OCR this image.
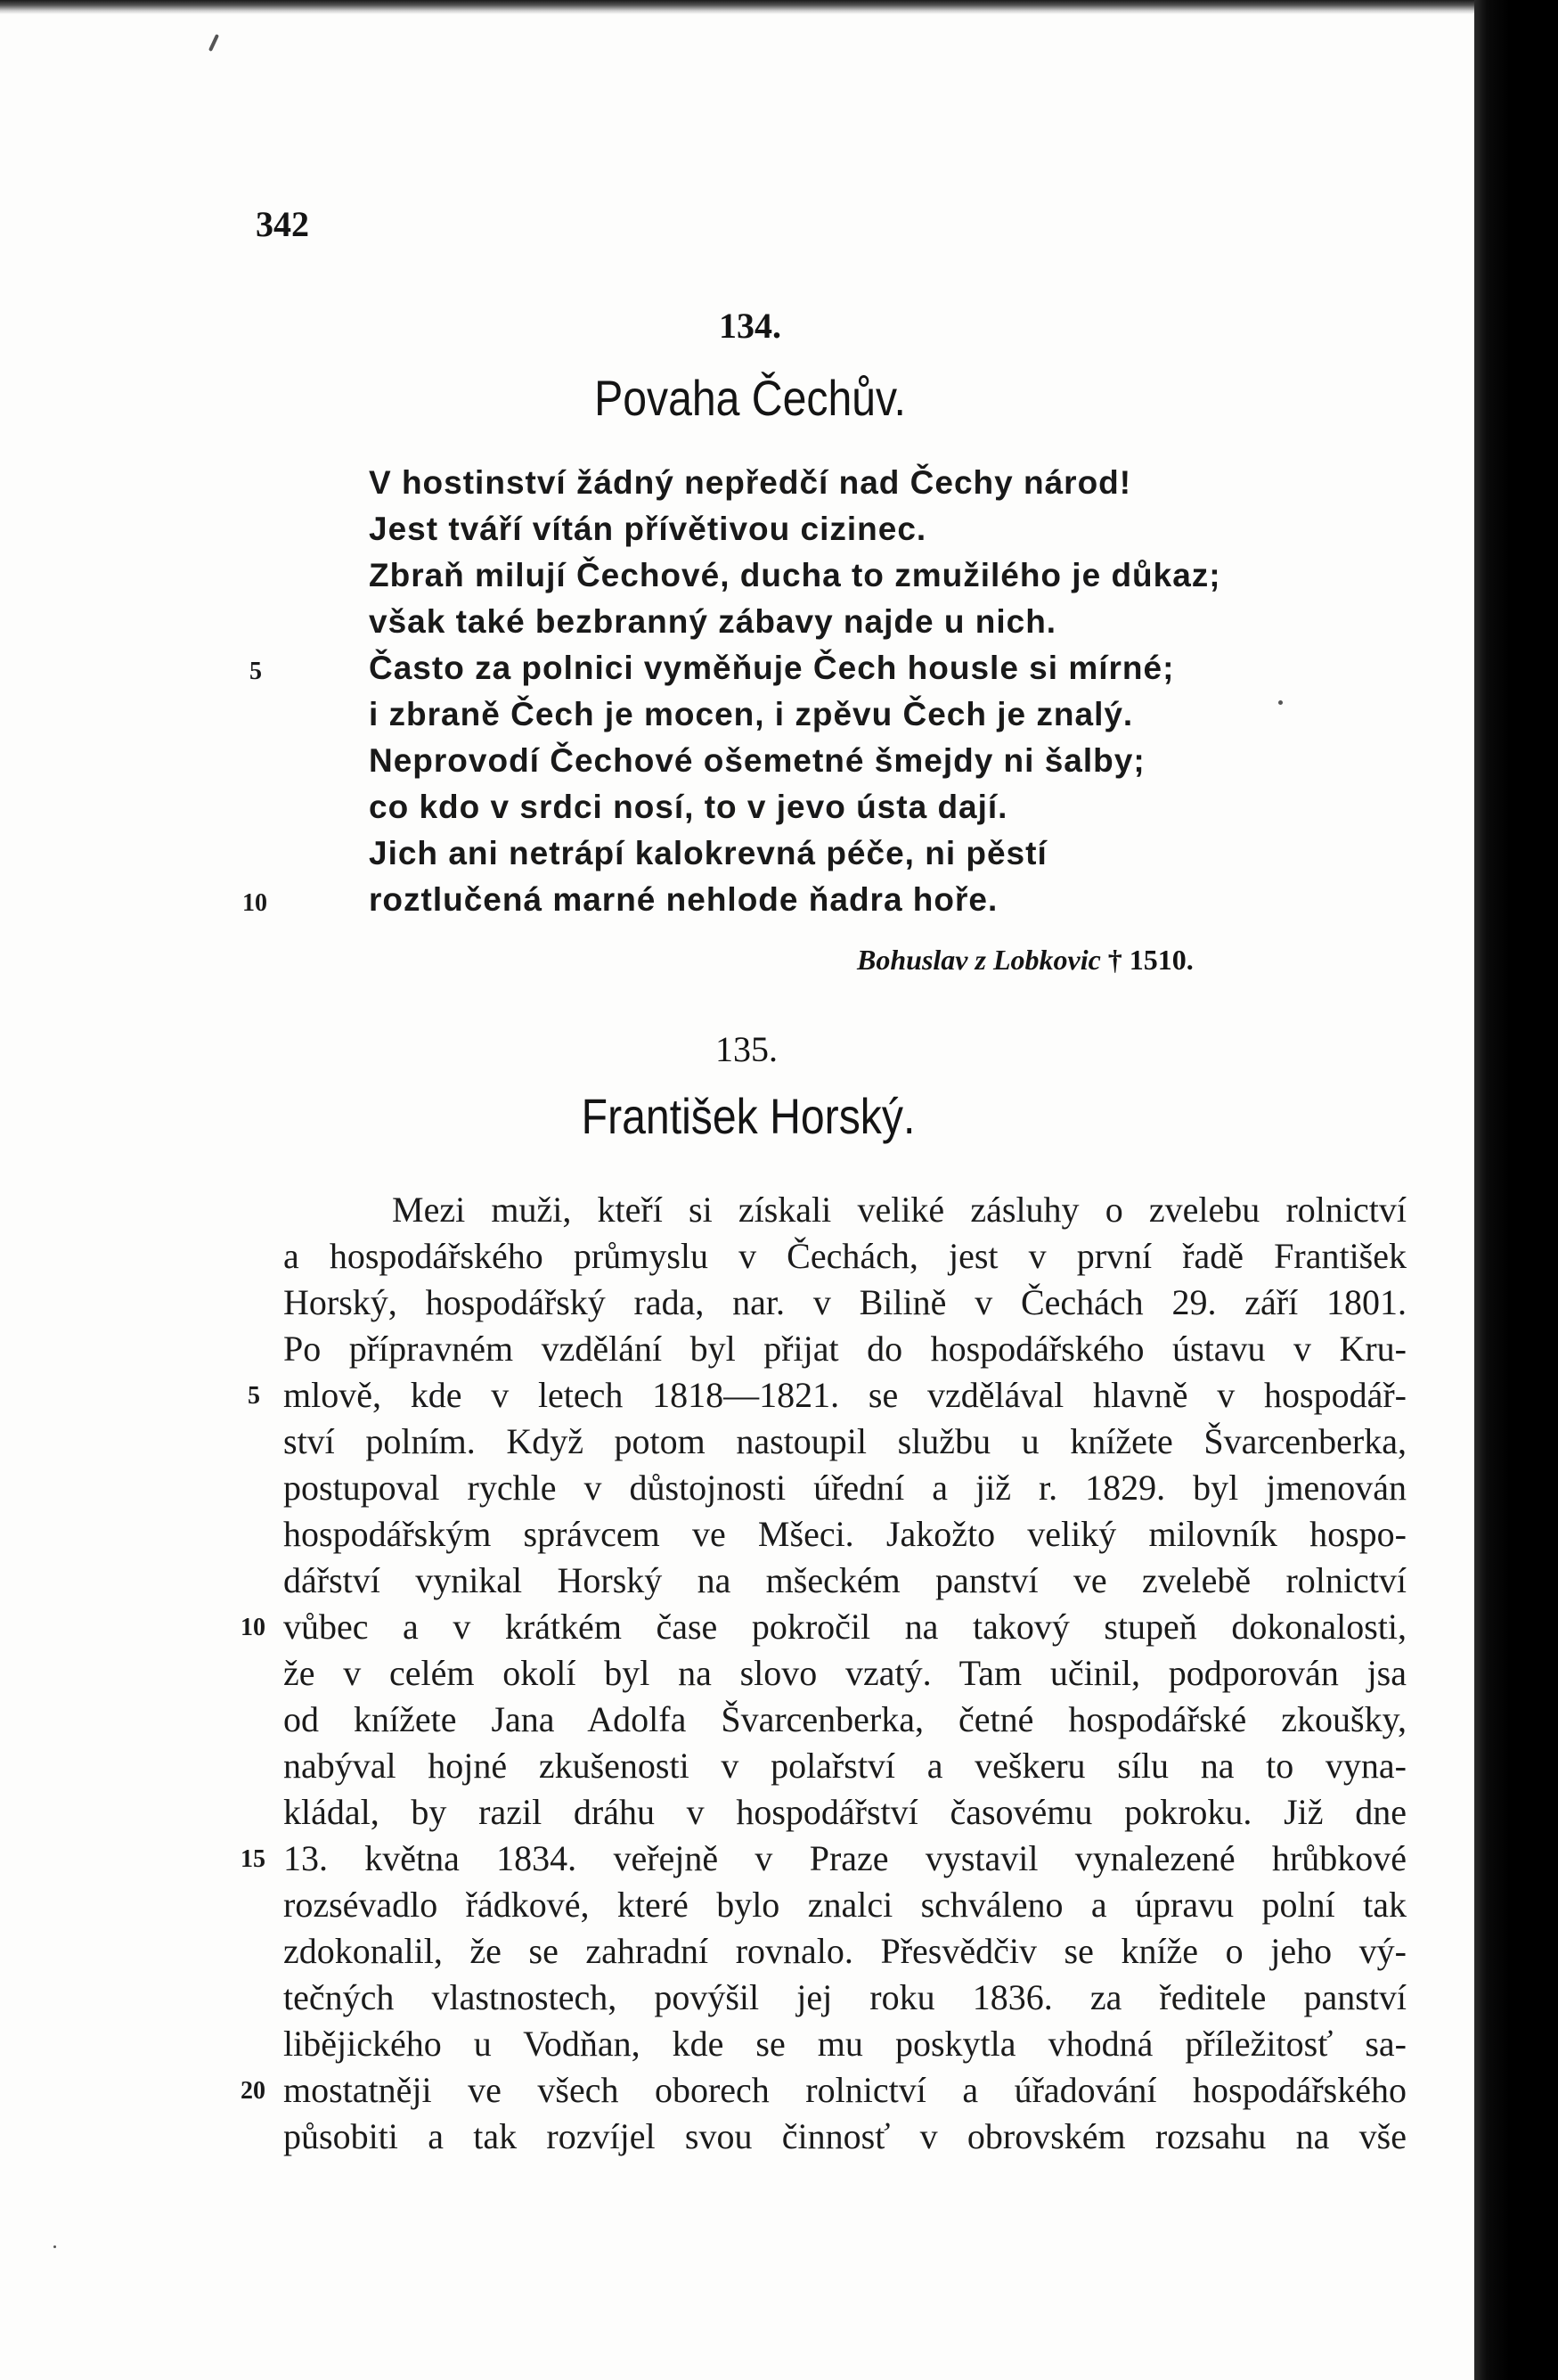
342
134.
Povaha Čechův.
V hostinství žádný nepředčí nad Čechy národ!
Jest tváří vítán přívětivou cizinec.
Zbraň milují Čechové, ducha to zmužilého je důkaz;
však také bezbranný zábavy najde u nich.
Často za polnici vyměňuje Čech housle si mírné;
i zbraně Čech je mocen, i zpěvu Čech je znalý.
Neprovodí Čechové ošemetné šmejdy ni šalby;
co kdo v srdci nosí, to v jevo ústa dají.
Jich ani netrápí kalokrevná péče, ni pěstí
roztlučená marné nehlode ňadra hoře.
5
10
Bohuslav z Lobkovic † 1510.
135.
František Horský.
Mezi muži, kteří si získali veliké zásluhy o zvelebu rolnictví
a hospodářského průmyslu v Čechách, jest v první řadě František
Horský, hospodářský rada, nar. v Bilině v Čechách 29. září 1801.
Po přípravném vzdělání byl přijat do hospodářského ústavu v Kru-
mlově, kde v letech 1818—1821. se vzdělával hlavně v hospodář-
ství polním. Když potom nastoupil službu u knížete Švarcenberka,
postupoval rychle v důstojnosti úřední a již r. 1829. byl jmenován
hospodářským správcem ve Mšeci. Jakožto veliký milovník hospo-
dářství vynikal Horský na mšeckém panství ve zvelebě rolnictví
vůbec a v krátkém čase pokročil na takový stupeň dokonalosti,
že v celém okolí byl na slovo vzatý. Tam učinil, podporován jsa
od knížete Jana Adolfa Švarcenberka, četné hospodářské zkoušky,
nabýval hojné zkušenosti v polařství a veškeru sílu na to vyna-
kládal, by razil dráhu v hospodářství časovému pokroku. Již dne
13. května 1834. veřejně v Praze vystavil vynalezené hrůbkové
rozsévadlo řádkové, které bylo znalci schváleno a úpravu polní tak
zdokonalil, že se zahradní rovnalo. Přesvědčiv se kníže o jeho vý-
tečných vlastnostech, povýšil jej roku 1836. za ředitele panství
liběјického u Vodňan, kde se mu poskytla vhodná příležitosť sa-
mostatněji ve všech oborech rolnictví a úřadování hospodářského
působiti a tak rozvíjel svou činnosť v obrovském rozsahu na vše
5
10
15
20
